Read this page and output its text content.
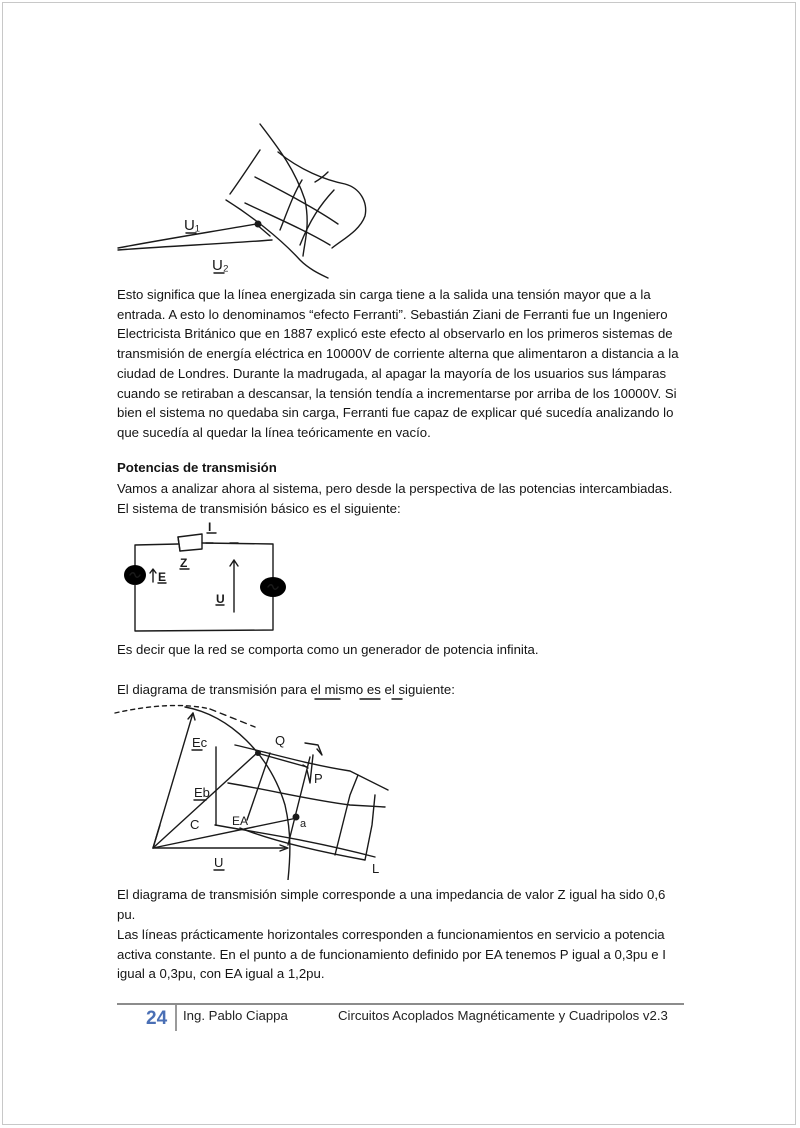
U₁
U₂

Esto significa que la línea energizada sin carga tiene a la salida una tensión mayor que a la entrada. A esto lo denominamos “efecto Ferranti”. Sebastián Ziani de Ferranti fue un Ingeniero Electricista Británico que en 1887 explicó este efecto al observarlo en los primeros sistemas de transmisión de energía eléctrica en 10000V de corriente alterna que alimentaron a distancia a la ciudad de Londres. Durante la madrugada, al apagar la mayoría de los usuarios sus lámparas cuando se retiraban a descansar, la tensión tendía a incrementarse por arriba de los 10000V. Si bien el sistema no quedaba sin carga, Ferranti fue capaz de explicar qué sucedía analizando lo que sucedía al quedar la línea teóricamente en vacío.

Potencias de transmisión

Vamos a analizar ahora al sistema, pero desde la perspectiva de las potencias intercambiadas. El sistema de transmisión básico es el siguiente:

I
Z
E
U

Es decir que la red se comporta como un generador de potencia infinita.

El diagrama de transmisión para el mismo es el siguiente:

Ec
Eb
EA
C
Q
P
a
U	L

El diagrama de transmisión simple corresponde a una impedancia de valor Z igual ha sido 0,6 pu.

Las líneas prácticamente horizontales corresponden a funcionamientos en servicio a potencia activa constante. En el punto a de funcionamiento definido por EA tenemos P igual a 0,3pu e I igual a 0,3pu, con EA igual a 1,2pu.

24 Ing. Pablo Ciappa	Circuitos Acoplados Magnéticamente y Cuadripolos v2.3
